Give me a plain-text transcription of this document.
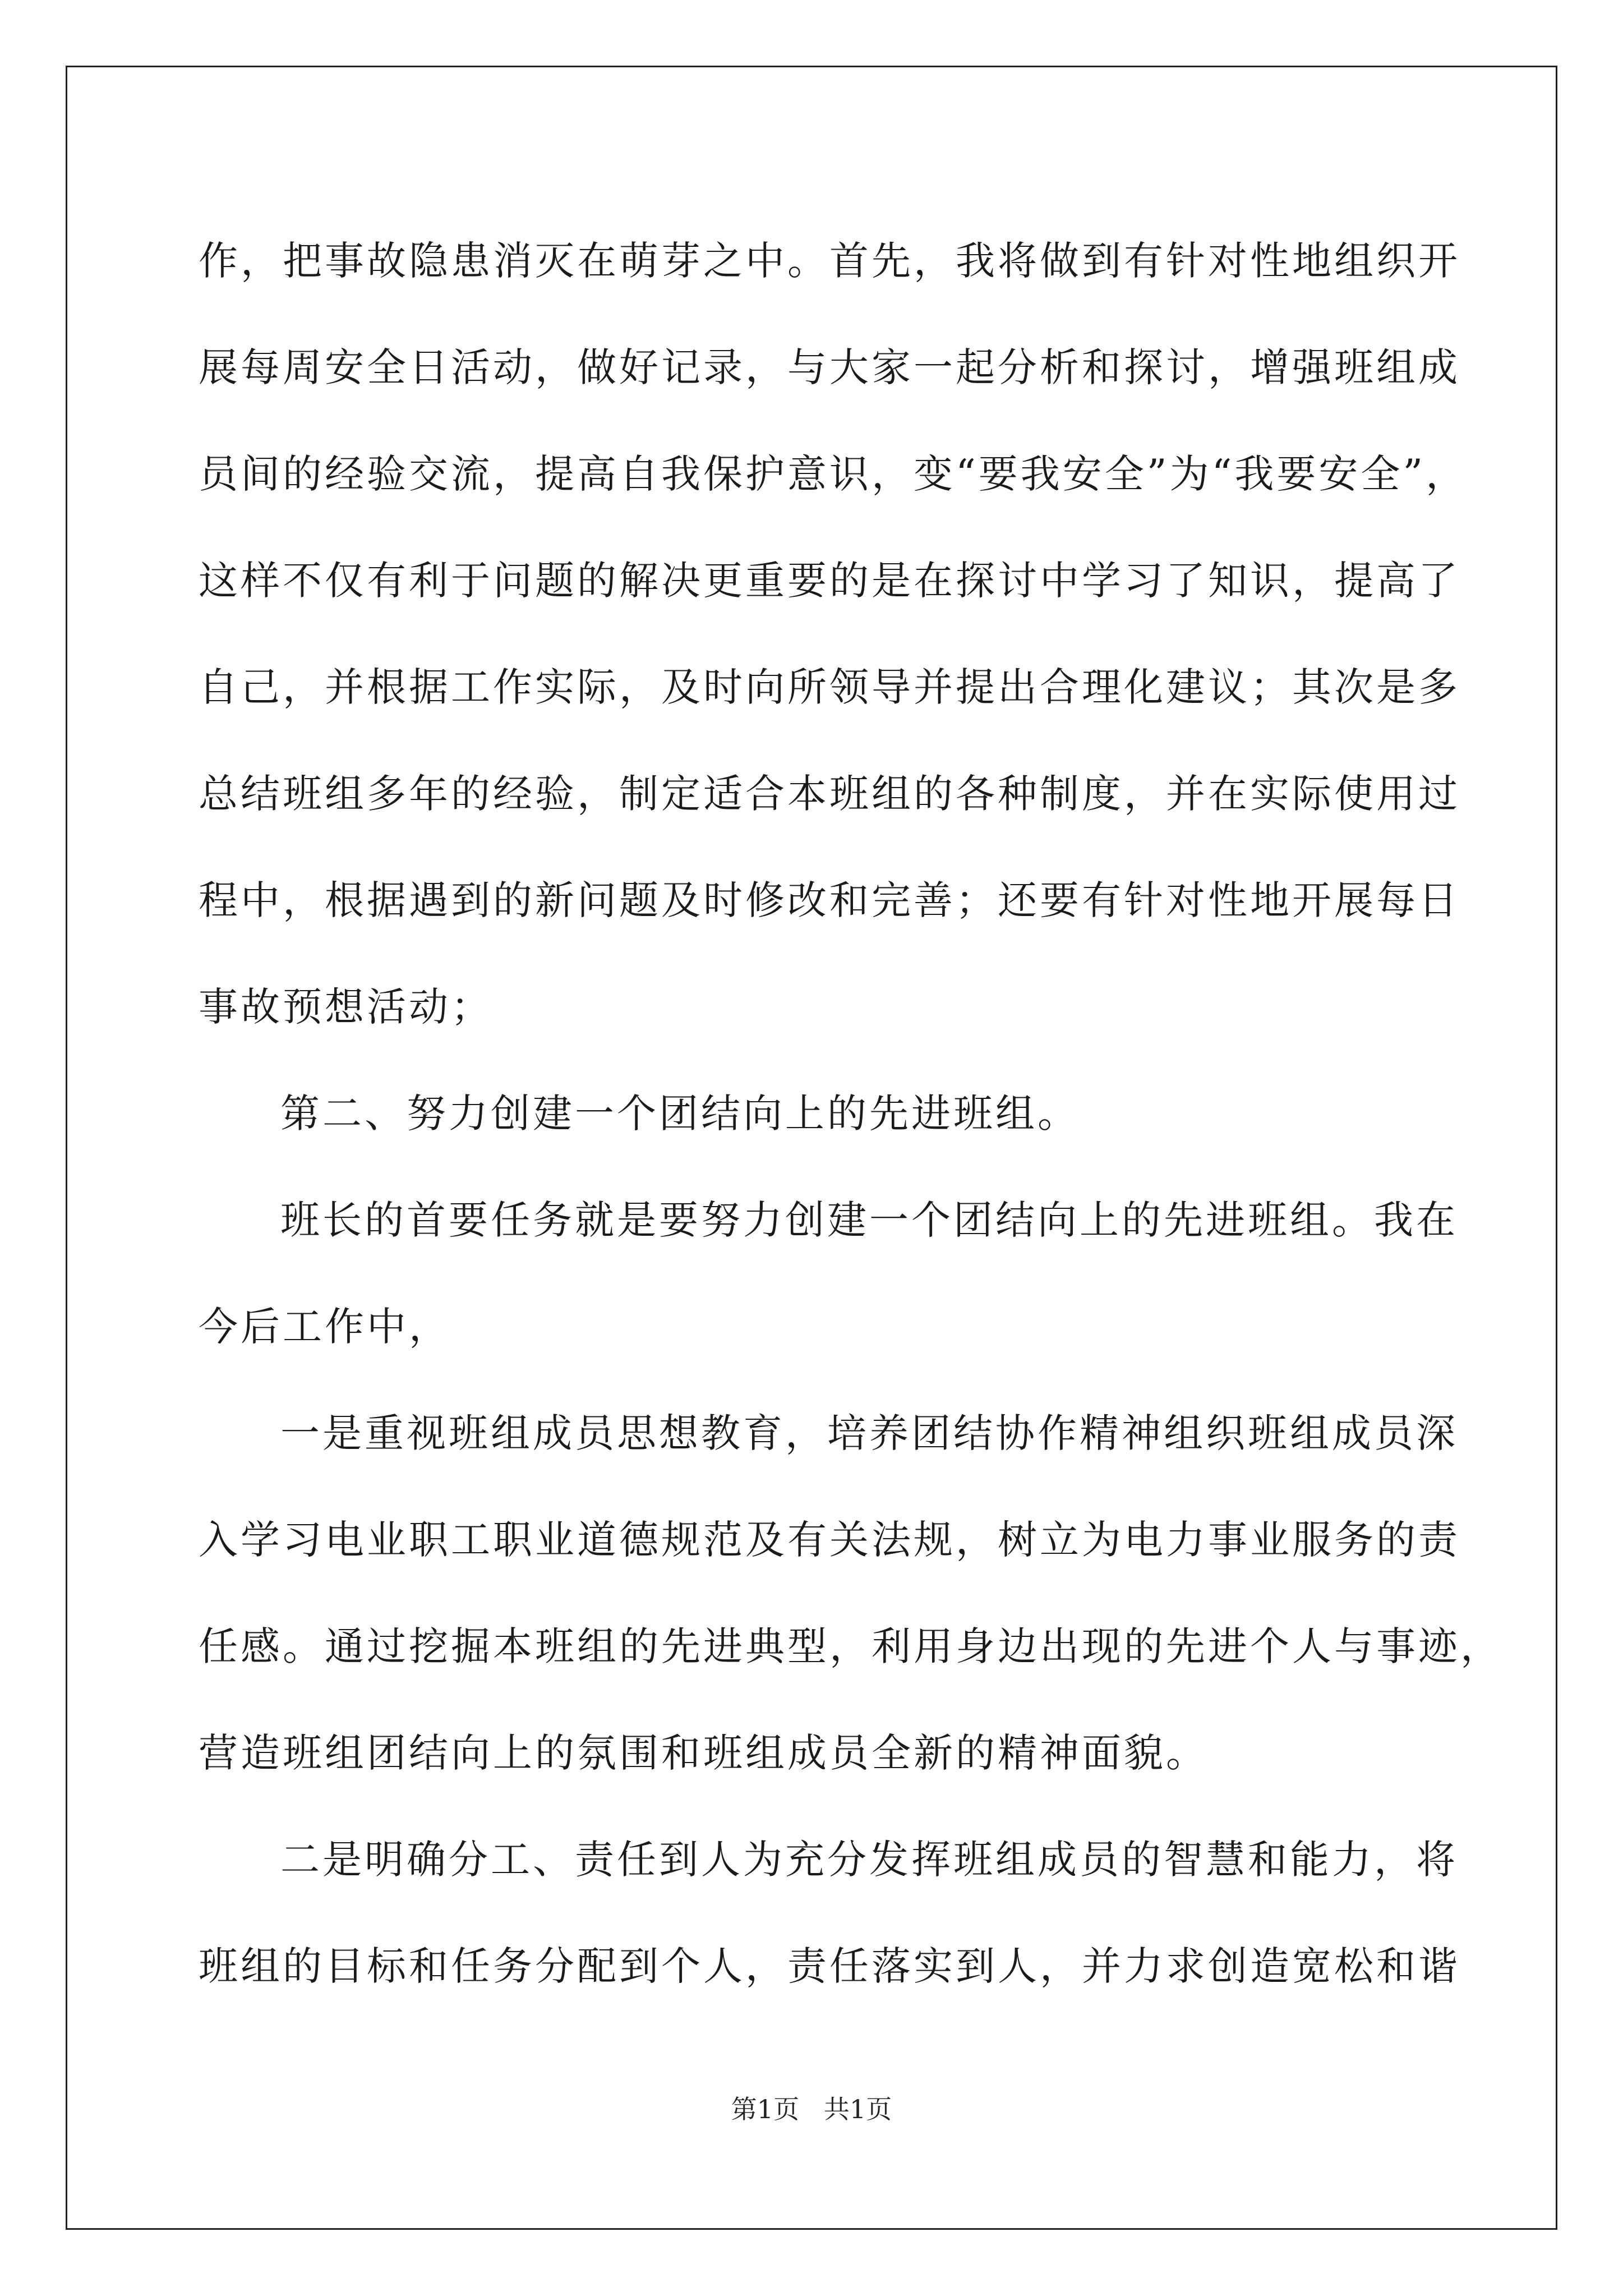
作，把事故隐患消灭在萌芽之中。首先，我将做到有针对性地组织开
展每周安全日活动，做好记录，与大家一起分析和探讨，增强班组成
员间的经验交流，提高自我保护意识，变“要我安全”为“我要安全”，
这样不仅有利于问题的解决更重要的是在探讨中学习了知识，提高了
自己，并根据工作实际，及时向所领导并提出合理化建议；其次是多
总结班组多年的经验，制定适合本班组的各种制度，并在实际使用过
程中，根据遇到的新问题及时修改和完善；还要有针对性地开展每日
事故预想活动；
第二、努力创建一个团结向上的先进班组。
班长的首要任务就是要努力创建一个团结向上的先进班组。我在
今后工作中，
一是重视班组成员思想教育，培养团结协作精神组织班组成员深
入学习电业职工职业道德规范及有关法规，树立为电力事业服务的责
任感。通过挖掘本班组的先进典型，利用身边出现的先进个人与事迹，
营造班组团结向上的氛围和班组成员全新的精神面貌。
二是明确分工、责任到人为充分发挥班组成员的智慧和能力，将
班组的目标和任务分配到个人，责任落实到人，并力求创造宽松和谐
第1页   共1页
